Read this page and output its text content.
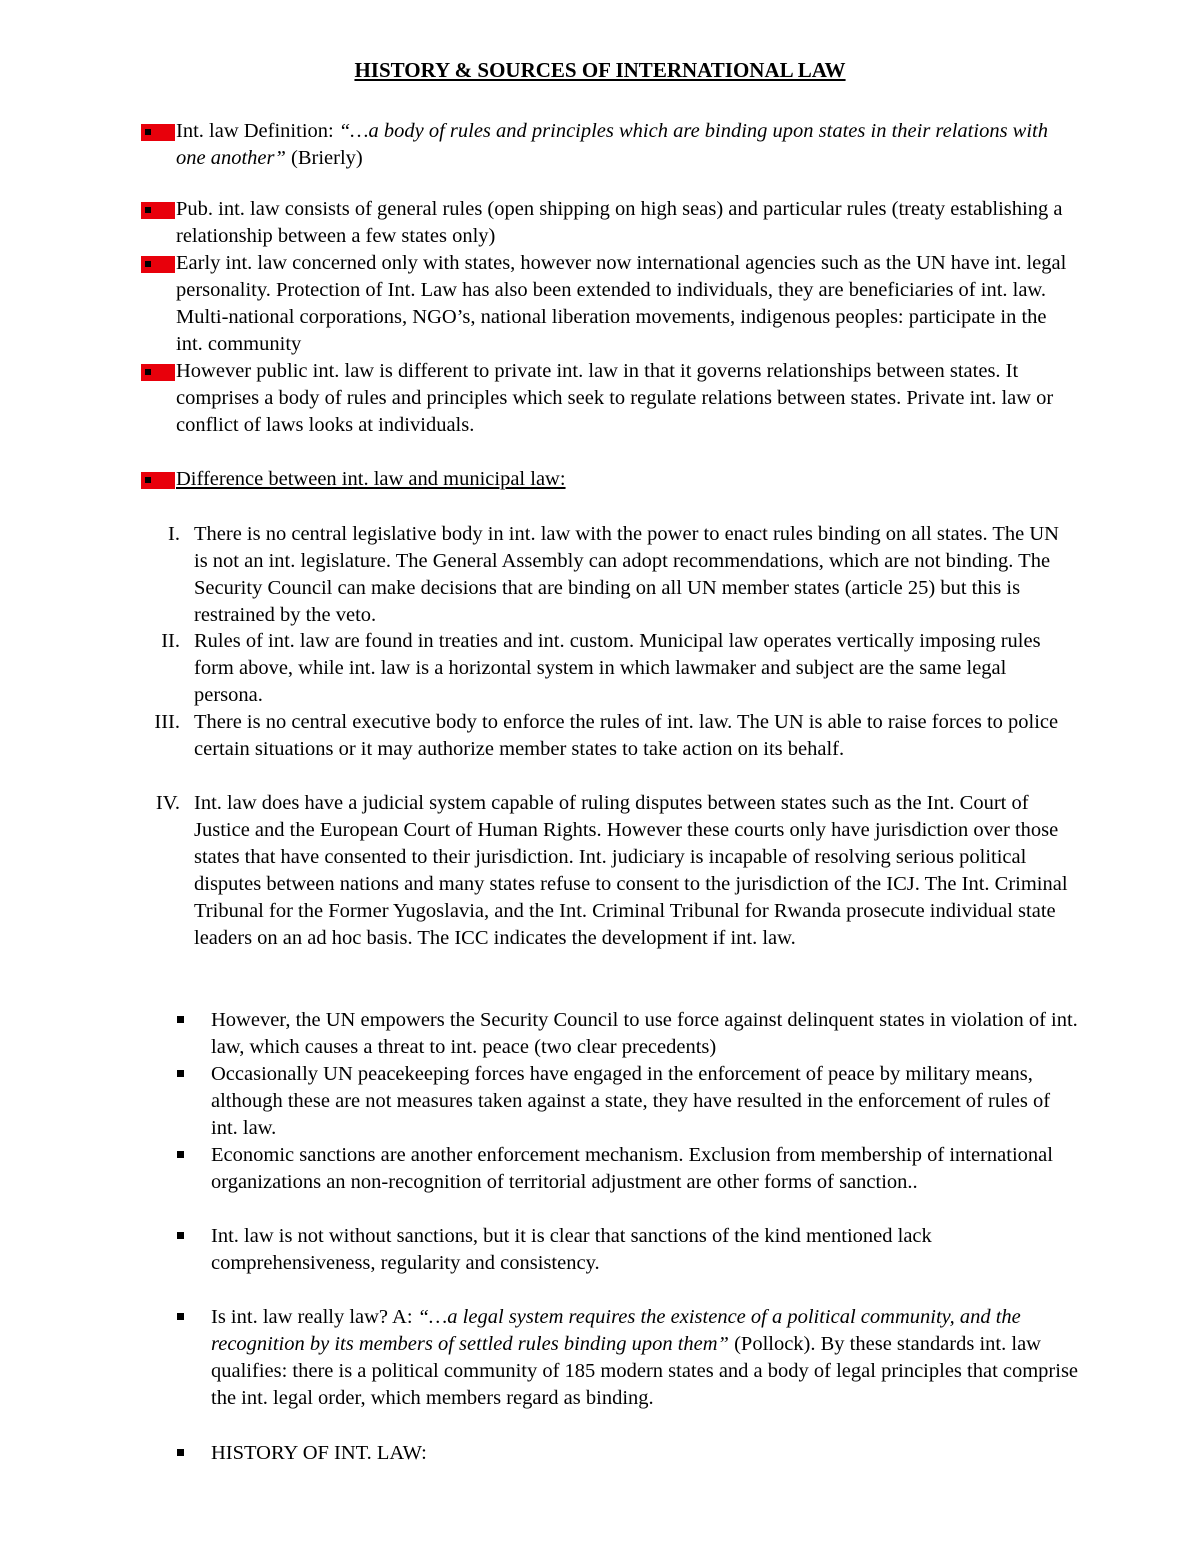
HISTORY & SOURCES OF INTERNATIONAL LAW
Int. law Definition: “…a body of rules and principles which are binding upon states in their relations with one another” (Brierly)
Pub. int. law consists of general rules (open shipping on high seas) and particular rules (treaty establishing a relationship between a few states only)
Early int. law concerned only with states, however now international agencies such as the UN have int. legal personality. Protection of Int. Law has also been extended to individuals, they are beneficiaries of int. law. Multi-national corporations, NGO’s, national liberation movements, indigenous peoples: participate in the int. community
However public int. law is different to private int. law in that it governs relationships between states. It comprises a body of rules and principles which seek to regulate relations between states. Private int. law or conflict of laws looks at individuals.
Difference between int. law and municipal law:
I. There is no central legislative body in int. law with the power to enact rules binding on all states. The UN is not an int. legislature. The General Assembly can adopt recommendations, which are not binding. The Security Council can make decisions that are binding on all UN member states (article 25) but this is restrained by the veto.
II. Rules of int. law are found in treaties and int. custom. Municipal law operates vertically imposing rules form above, while int. law is a horizontal system in which lawmaker and subject are the same legal persona.
III. There is no central executive body to enforce the rules of int. law. The UN is able to raise forces to police certain situations or it may authorize member states to take action on its behalf.
IV. Int. law does have a judicial system capable of ruling disputes between states such as the Int. Court of Justice and the European Court of Human Rights. However these courts only have jurisdiction over those states that have consented to their jurisdiction. Int. judiciary is incapable of resolving serious political disputes between nations and many states refuse to consent to the jurisdiction of the ICJ. The Int. Criminal Tribunal for the Former Yugoslavia, and the Int. Criminal Tribunal for Rwanda prosecute individual state leaders on an ad hoc basis. The ICC indicates the development if int. law.
However, the UN empowers the Security Council to use force against delinquent states in violation of int. law, which causes a threat to int. peace (two clear precedents)
Occasionally UN peacekeeping forces have engaged in the enforcement of peace by military means, although these are not measures taken against a state, they have resulted in the enforcement of rules of int. law.
Economic sanctions are another enforcement mechanism. Exclusion from membership of international organizations an non-recognition of territorial adjustment are other forms of sanction..
Int. law is not without sanctions, but it is clear that sanctions of the kind mentioned lack comprehensiveness, regularity and consistency.
Is int. law really law? A: “…a legal system requires the existence of a political community, and the recognition by its members of settled rules binding upon them” (Pollock). By these standards int. law qualifies: there is a political community of 185 modern states and a body of legal principles that comprise the int. legal order, which members regard as binding.
HISTORY OF INT. LAW:
